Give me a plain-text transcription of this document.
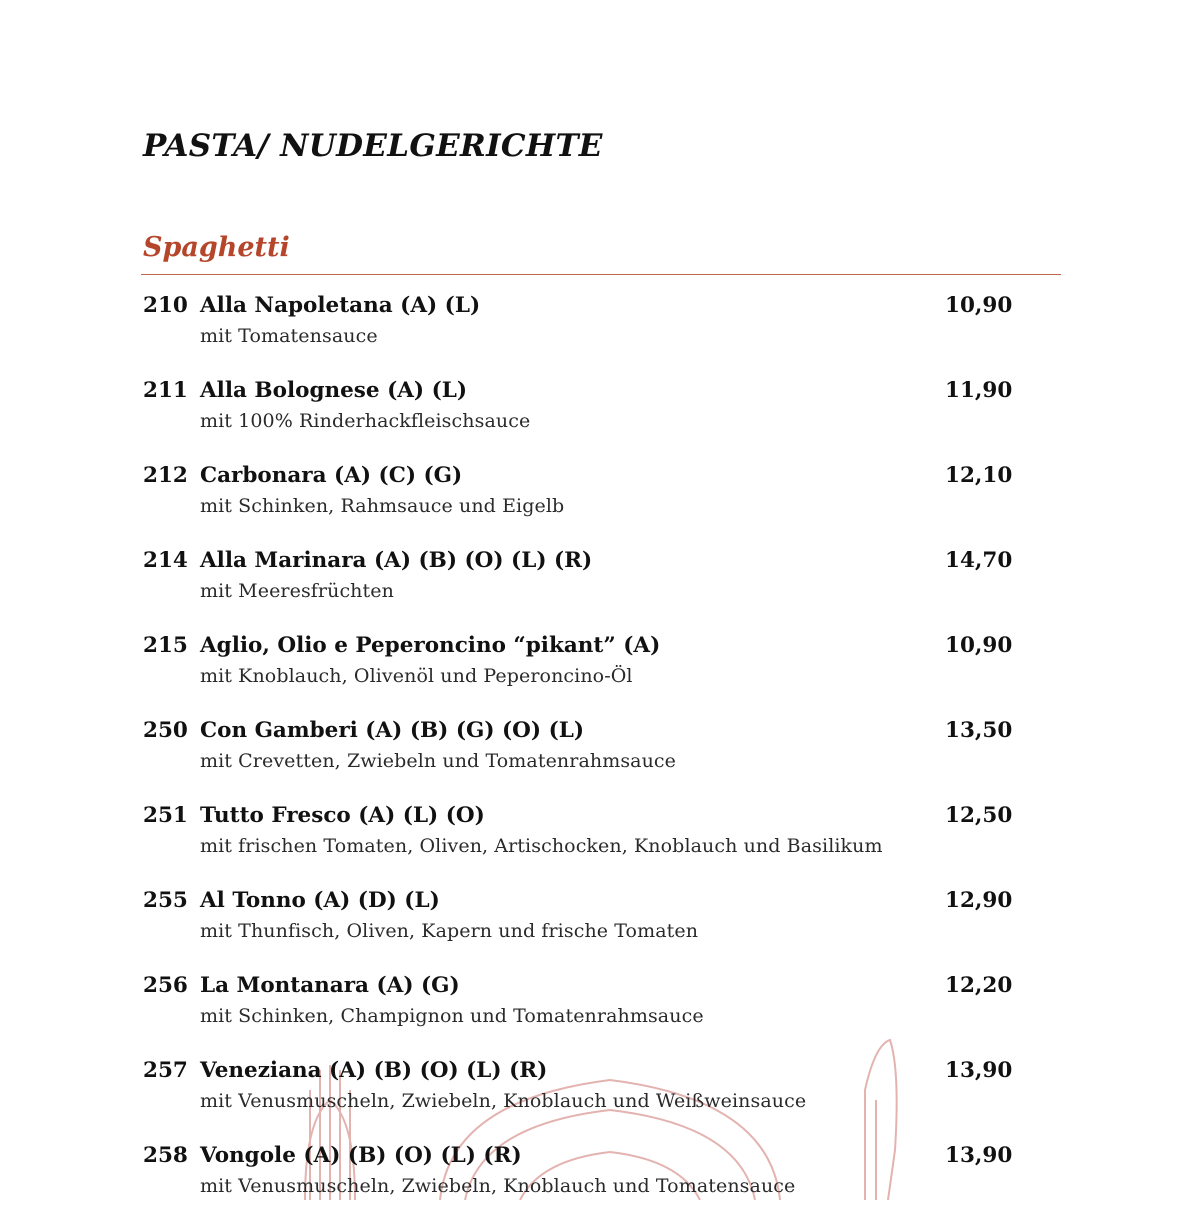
PASTA/ NUDELGERICHTE
Spaghetti
210 Alla Napoletana (A) (L)	10,90
mit Tomatensauce
211 Alla Bolognese (A) (L)	11,90
mit 100% Rinderhackfleischsauce
212 Carbonara (A) (C) (G)	12,10
mit Schinken, Rahmsauce und Eigelb
214 Alla Marinara (A) (B) (O) (L) (R)	14,70
mit Meeresfrüchten
215 Aglio, Olio e Peperoncino “pikant” (A)	10,90
mit Knoblauch, Olivenöl und Peperoncino-Öl
250 Con Gamberi (A) (B) (G) (O) (L)	13,50
mit Crevetten, Zwiebeln und Tomatenrahmsauce
251 Tutto Fresco (A) (L) (O)	12,50
mit frischen Tomaten, Oliven, Artischocken, Knoblauch und Basilikum
255 Al Tonno (A) (D) (L)	12,90
mit Thunfisch, Oliven, Kapern und frische Tomaten
256 La Montanara (A) (G)	12,20
mit Schinken, Champignon und Tomatenrahmsauce
257 Veneziana (A) (B) (O) (L) (R)	13,90
mit Venusmuscheln, Zwiebeln, Knoblauch und Weißweinsauce
258 Vongole (A) (B) (O) (L) (R)	13,90
mit Venusmuscheln, Zwiebeln, Knoblauch und Tomatensauce
